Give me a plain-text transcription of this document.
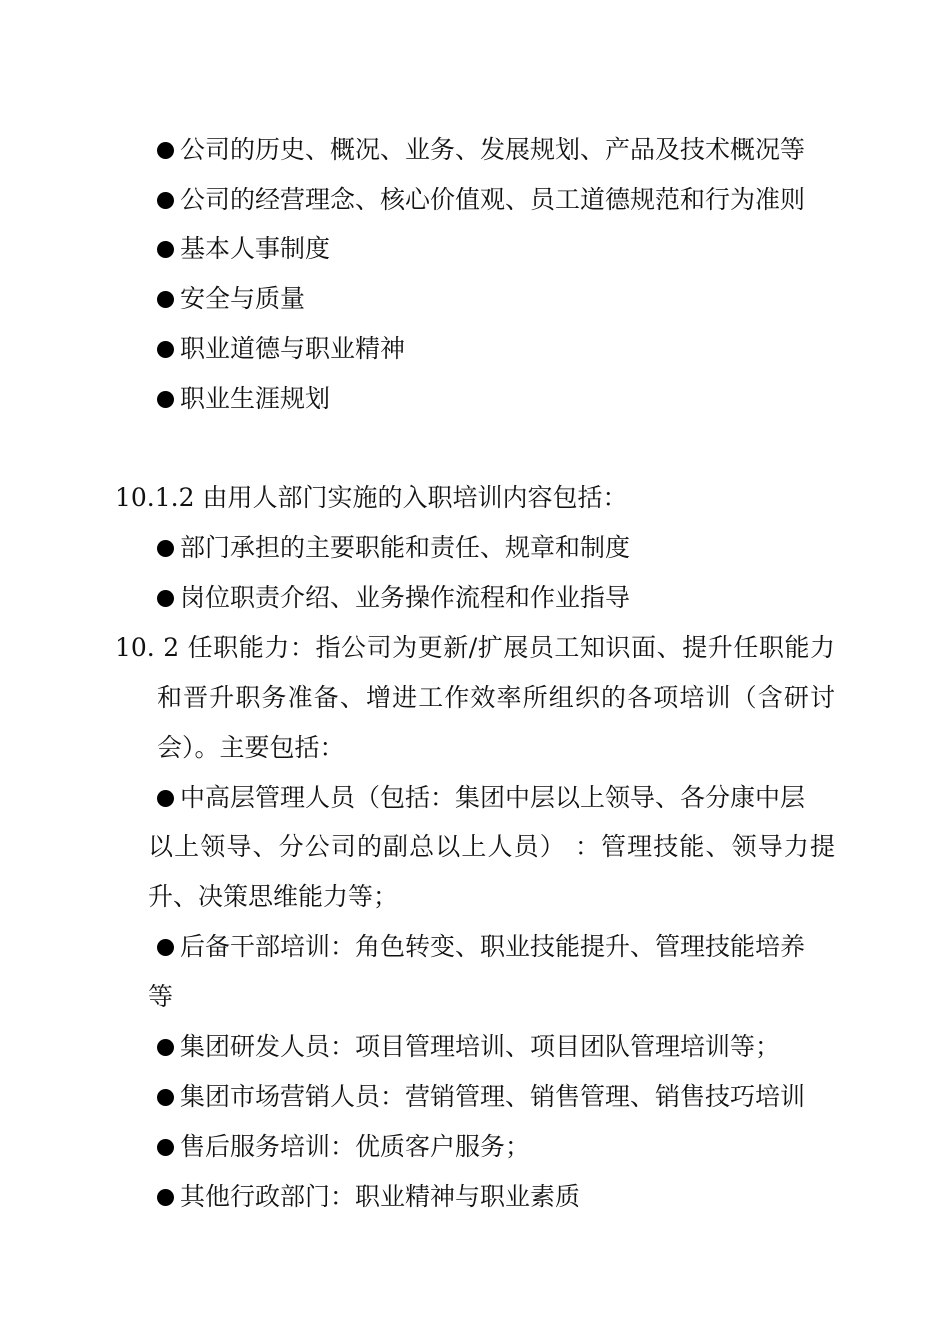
公司的历史、概况、业务、发展规划、产品及技术概况等
公司的经营理念、核心价值观、员工道德规范和行为准则
基本人事制度
安全与质量
职业道德与职业精神
职业生涯规划
10.1.2 由用人部门实施的入职培训内容包括：
部门承担的主要职能和责任、规章和制度
岗位职责介绍、业务操作流程和作业指导
10. 2 任职能力：指公司为更新/扩展员工知识面、提升任职能力
和晋升职务准备、增进工作效率所组织的各项培训（含研讨
会）。主要包括：
中高层管理人员（包括：集团中层以上领导、各分康中层
以上领导、分公司的副总以上人员） ：管理技能、领导力提
升、决策思维能力等；
后备干部培训：角色转变、职业技能提升、管理技能培养
等
集团研发人员：项目管理培训、项目团队管理培训等；
集团市场营销人员：营销管理、销售管理、销售技巧培训
售后服务培训：优质客户服务；
其他行政部门：职业精神与职业素质
